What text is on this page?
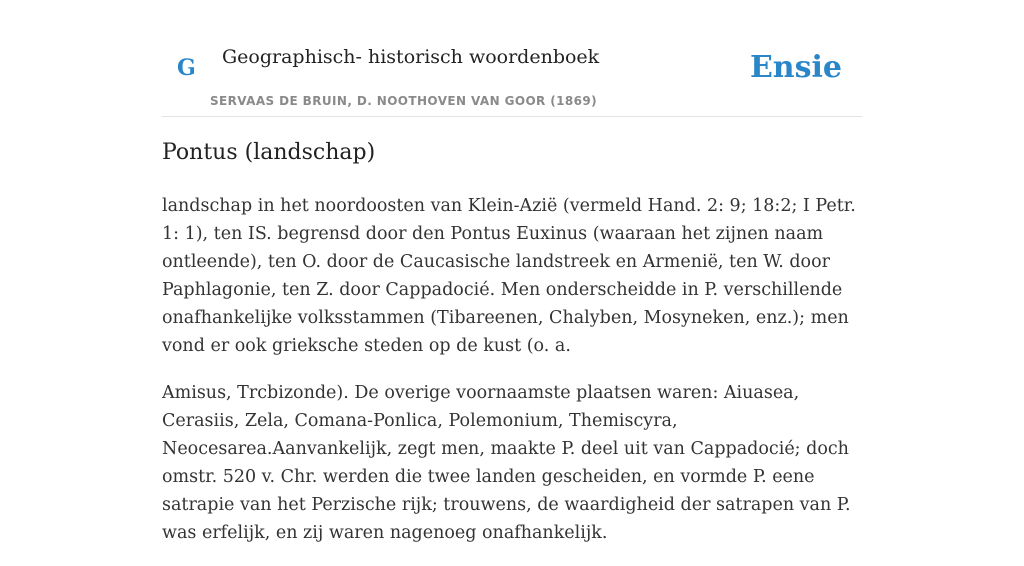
G Geographisch- historisch woordenboek
SERVAAS DE BRUIN, D. NOOTHOVEN VAN GOOR (1869)
Ensie
Pontus (landschap)

landschap in het noordoosten van Klein-Azië (vermeld Hand. 2: 9; 18:2; I Petr. 1: 1), ten IS. begrensd door den Pontus Euxinus (waaraan het zijnen naam ontleende), ten O. door de Caucasische landstreek en Armenië, ten W. door Paphlagonie, ten Z. door Cappadocié. Men onderscheidde in P. verschillende onafhankelijke volksstammen (Tibareenen, Chalyben, Mosyneken, enz.); men vond er ook grieksche steden op de kust (o. a.

Amisus, Trcbizonde). De overige voornaamste plaatsen waren: Aiuasea, Cerasiis, Zela, Comana-Ponlica, Polemonium, Themiscyra, Neocesarea.Aanvankelijk, zegt men, maakte P. deel uit van Cappadocié; doch omstr. 520 v. Chr. werden die twee landen gescheiden, en vormde P. eene satrapie van het Perzische rijk; trouwens, de waardigheid der satrapen van P. was erfelijk, en zij waren nagenoeg onafhankelijk.
